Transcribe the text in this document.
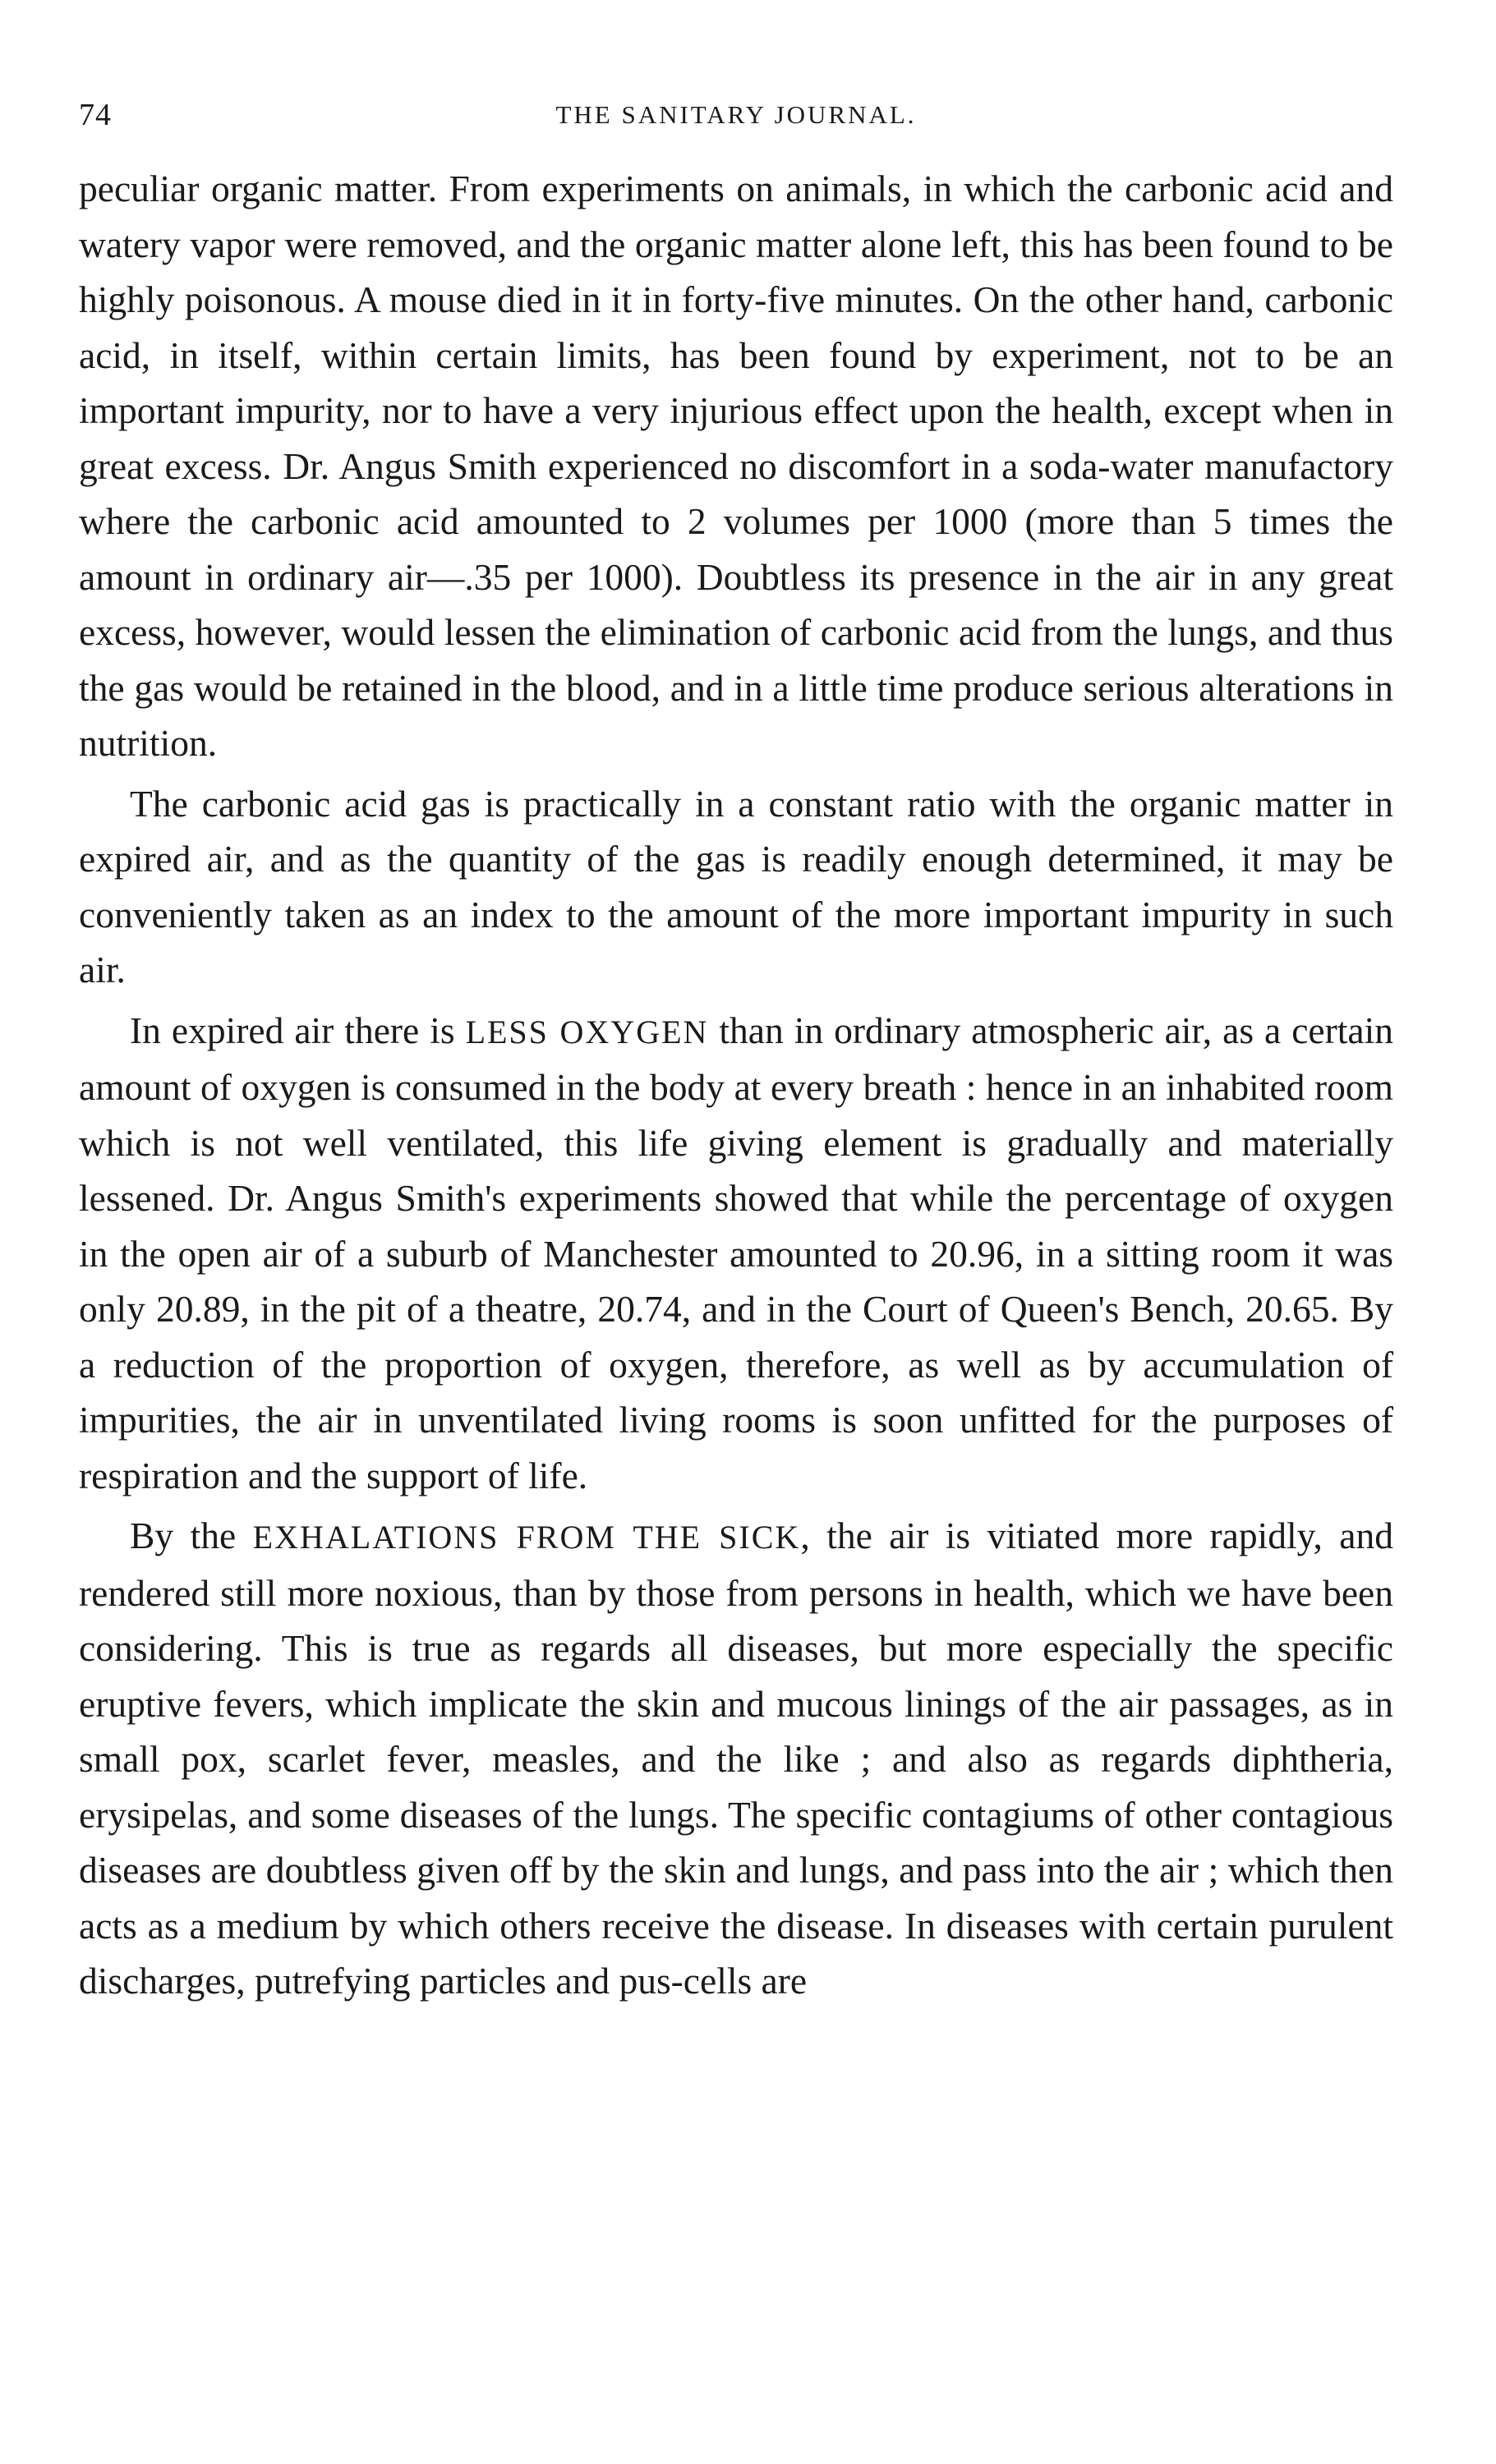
74	THE SANITARY JOURNAL.

peculiar organic matter. From experiments on animals, in which the carbonic acid and watery vapor were removed, and the organic matter alone left, this has been found to be highly poisonous. A mouse died in it in forty-five minutes. On the other hand, carbonic acid, in itself, within certain limits, has been found by experiment, not to be an important impurity, nor to have a very injurious effect upon the health, except when in great excess. Dr. Angus Smith experienced no discomfort in a soda-water manufactory where the carbonic acid amounted to 2 volumes per 1000 (more than 5 times the amount in ordinary air—.35 per 1000). Doubtless its presence in the air in any great excess, however, would lessen the elimination of carbonic acid from the lungs, and thus the gas would be retained in the blood, and in a little time produce serious alterations in nutrition.

The carbonic acid gas is practically in a constant ratio with the organic matter in expired air, and as the quantity of the gas is readily enough determined, it may be conveniently taken as an index to the amount of the more important impurity in such air.

In expired air there is LESS OXYGEN than in ordinary atmospheric air, as a certain amount of oxygen is consumed in the body at every breath : hence in an inhabited room which is not well ventilated, this life giving element is gradually and materially lessened. Dr. Angus Smith's experiments showed that while the percentage of oxygen in the open air of a suburb of Manchester amounted to 20.96, in a sitting room it was only 20.89, in the pit of a theatre, 20.74, and in the Court of Queen's Bench, 20.65. By a reduction of the proportion of oxygen, therefore, as well as by accumulation of impurities, the air in unventilated living rooms is soon unfitted for the purposes of respiration and the support of life.

By the EXHALATIONS FROM THE SICK, the air is vitiated more rapidly, and rendered still more noxious, than by those from persons in health, which we have been considering. This is true as regards all diseases, but more especially the specific eruptive fevers, which implicate the skin and mucous linings of the air passages, as in small pox, scarlet fever, measles, and the like ; and also as regards diphtheria, erysipelas, and some diseases of the lungs. The specific contagiums of other contagious diseases are doubtless given off by the skin and lungs, and pass into the air ; which then acts as a medium by which others receive the disease. In diseases with certain purulent discharges, putrefying particles and pus-cells are
